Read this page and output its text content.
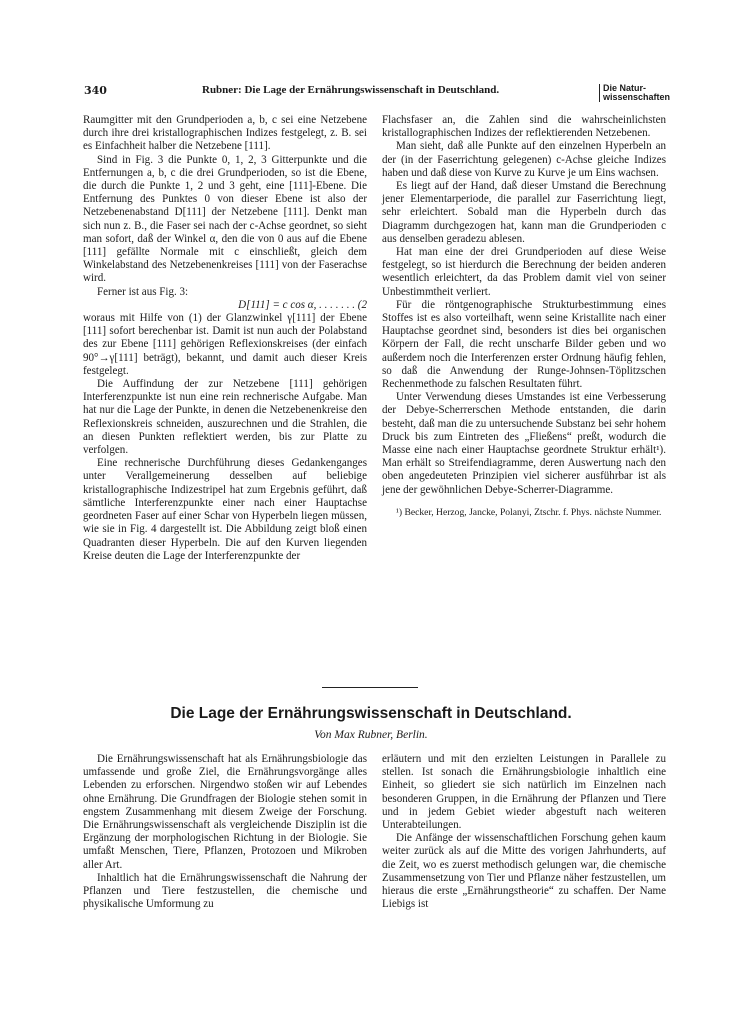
340	Rubner: Die Lage der Ernährungswissenschaft in Deutschland.	Die Natur-
wissenschaften

Raumgitter mit den Grundperioden a, b, c sei eine Netzebene durch ihre drei kristallographischen Indizes festgelegt, z. B. sei es Einfachheit halber die Netzebene [111].

Sind in Fig. 3 die Punkte 0, 1, 2, 3 Gitterpunkte und die Entfernungen a, b, c die drei Grundperioden, so ist die Ebene, die durch die Punkte 1, 2 und 3 geht, eine [111]-Ebene. Die Entfernung des Punktes 0 von dieser Ebene ist also der Netzebenenabstand D[111] der Netzebene [111]. Denkt man sich nun z. B., die Faser sei nach der c-Achse geordnet, so sieht man sofort, daß der Winkel α, den die von 0 aus auf die Ebene [111] gefällte Normale mit c einschließt, gleich dem Winkelabstand des Netzebenenkreises [111] von der Faserachse wird.

Ferner ist aus Fig. 3:

D[111] = c cos α, . . . . . . . (2

woraus mit Hilfe von (1) der Glanzwinkel γ[111] der Ebene [111] sofort berechenbar ist. Damit ist nun auch der Polabstand des zur Ebene [111] gehörigen Reflexionskreises (der einfach 90°→γ[111] beträgt), bekannt, und damit auch dieser Kreis festgelegt.

Die Auffindung der zur Netzebene [111] gehörigen Interferenzpunkte ist nun eine rein rechnerische Aufgabe. Man hat nur die Lage der Punkte, in denen die Netzebenenkreise den Reflexionskreis schneiden, auszurechnen und die Strahlen, die an diesen Punkten reflektiert werden, bis zur Platte zu verfolgen.

Eine rechnerische Durchführung dieses Gedankenganges unter Verallgemeinerung desselben auf beliebige kristallographische Indizestripel hat zum Ergebnis geführt, daß sämtliche Interferenzpunkte einer nach einer Hauptachse geordneten Faser auf einer Schar von Hyperbeln liegen müssen, wie sie in Fig. 4 dargestellt ist. Die Abbildung zeigt bloß einen Quadranten dieser Hyperbeln. Die auf den Kurven liegenden Kreise deuten die Lage der Interferenzpunkte der

Flachsfaser an, die Zahlen sind die wahrscheinlichsten kristallographischen Indizes der reflektierenden Netzebenen.

Man sieht, daß alle Punkte auf den einzelnen Hyperbeln an der (in der Faserrichtung gelegenen) c-Achse gleiche Indizes haben und daß diese von Kurve zu Kurve je um Eins wachsen.

Es liegt auf der Hand, daß dieser Umstand die Berechnung jener Elementarperiode, die parallel zur Faserrichtung liegt, sehr erleichtert. Sobald man die Hyperbeln durch das Diagramm durchgezogen hat, kann man die Grundperioden c aus denselben geradezu ablesen.

Hat man eine der drei Grundperioden auf diese Weise festgelegt, so ist hierdurch die Berechnung der beiden anderen wesentlich erleichtert, da das Problem damit viel von seiner Unbestimmtheit verliert.

Für die röntgenographische Strukturbestimmung eines Stoffes ist es also vorteilhaft, wenn seine Kristallite nach einer Hauptachse geordnet sind, besonders ist dies bei organischen Körpern der Fall, die recht unscharfe Bilder geben und wo außerdem noch die Interferenzen erster Ordnung häufig fehlen, so daß die Anwendung der Runge-Johnsen-Töplitzschen Rechenmethode zu falschen Resultaten führt.

Unter Verwendung dieses Umstandes ist eine Verbesserung der Debye-Scherrerschen Methode entstanden, die darin besteht, daß man die zu untersuchende Substanz bei sehr hohem Druck bis zum Eintreten des „Fließens“ preßt, wodurch die Masse eine nach einer Hauptachse geordnete Struktur erhält¹). Man erhält so Streifendiagramme, deren Auswertung nach den oben angedeuteten Prinzipien viel sicherer ausführbar ist als jene der gewöhnlichen Debye-Scherrer-Diagramme.

¹) Becker, Herzog, Jancke, Polanyi, Ztschr. f. Phys. nächste Nummer.

Die Lage der Ernährungswissenschaft in Deutschland.
Von Max Rubner, Berlin.

Die Ernährungswissenschaft hat als Ernährungsbiologie das umfassende und große Ziel, die Ernährungsvorgänge alles Lebenden zu erforschen. Nirgendwo stoßen wir auf Lebendes ohne Ernährung. Die Grundfragen der Biologie stehen somit in engstem Zusammenhang mit diesem Zweige der Forschung. Die Ernährungswissenschaft als vergleichende Disziplin ist die Ergänzung der morphologischen Richtung in der Biologie. Sie umfaßt Menschen, Tiere, Pflanzen, Protozoen und Mikroben aller Art.

Inhaltlich hat die Ernährungswissenschaft die Nahrung der Pflanzen und Tiere festzustellen, die chemische und physikalische Umformung zu

erläutern und mit den erzielten Leistungen in Parallele zu stellen. Ist sonach die Ernährungsbiologie inhaltlich eine Einheit, so gliedert sie sich natürlich im Einzelnen nach besonderen Gruppen, in die Ernährung der Pflanzen und Tiere und in jedem Gebiet wieder abgestuft nach weiteren Unterabteilungen.

Die Anfänge der wissenschaftlichen Forschung gehen kaum weiter zurück als auf die Mitte des vorigen Jahrhunderts, auf die Zeit, wo es zuerst methodisch gelungen war, die chemische Zusammensetzung von Tier und Pflanze näher festzustellen, um hieraus die erste „Ernährungstheorie“ zu schaffen. Der Name Liebigs ist
